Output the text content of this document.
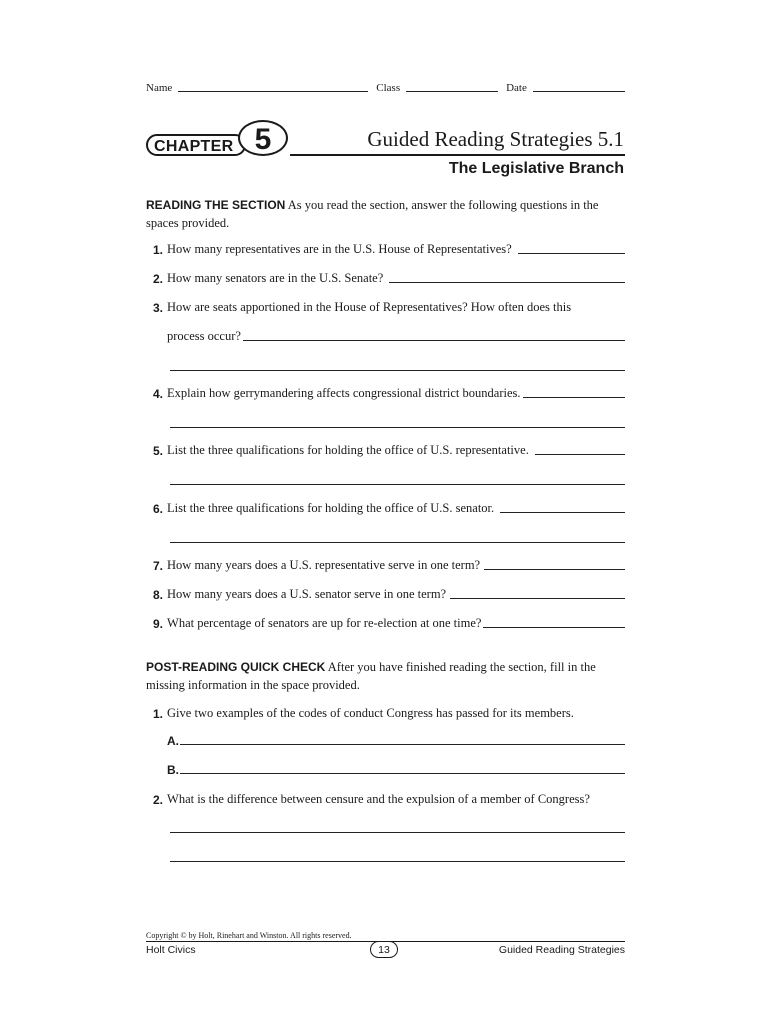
Name	Class	Date
CHAPTER 5	Guided Reading Strategies 5.1
The Legislative Branch
READING THE SECTION As you read the section, answer the following questions in the spaces provided.
1. How many representatives are in the U.S. House of Representatives?
2. How many senators are in the U.S. Senate?
3. How are seats apportioned in the House of Representatives? How often does this
process occur?
4. Explain how gerrymandering affects congressional district boundaries.
5. List the three qualifications for holding the office of U.S. representative.
6. List the three qualifications for holding the office of U.S. senator.
7. How many years does a U.S. representative serve in one term?
8. How many years does a U.S. senator serve in one term?
9. What percentage of senators are up for re-election at one time?
POST-READING QUICK CHECK After you have finished reading the section, fill in the missing information in the space provided.
1. Give two examples of the codes of conduct Congress has passed for its members.
A.
B.
2. What is the difference between censure and the expulsion of a member of Congress?
Copyright © by Holt, Rinehart and Winston. All rights reserved.
Holt Civics	13	Guided Reading Strategies
